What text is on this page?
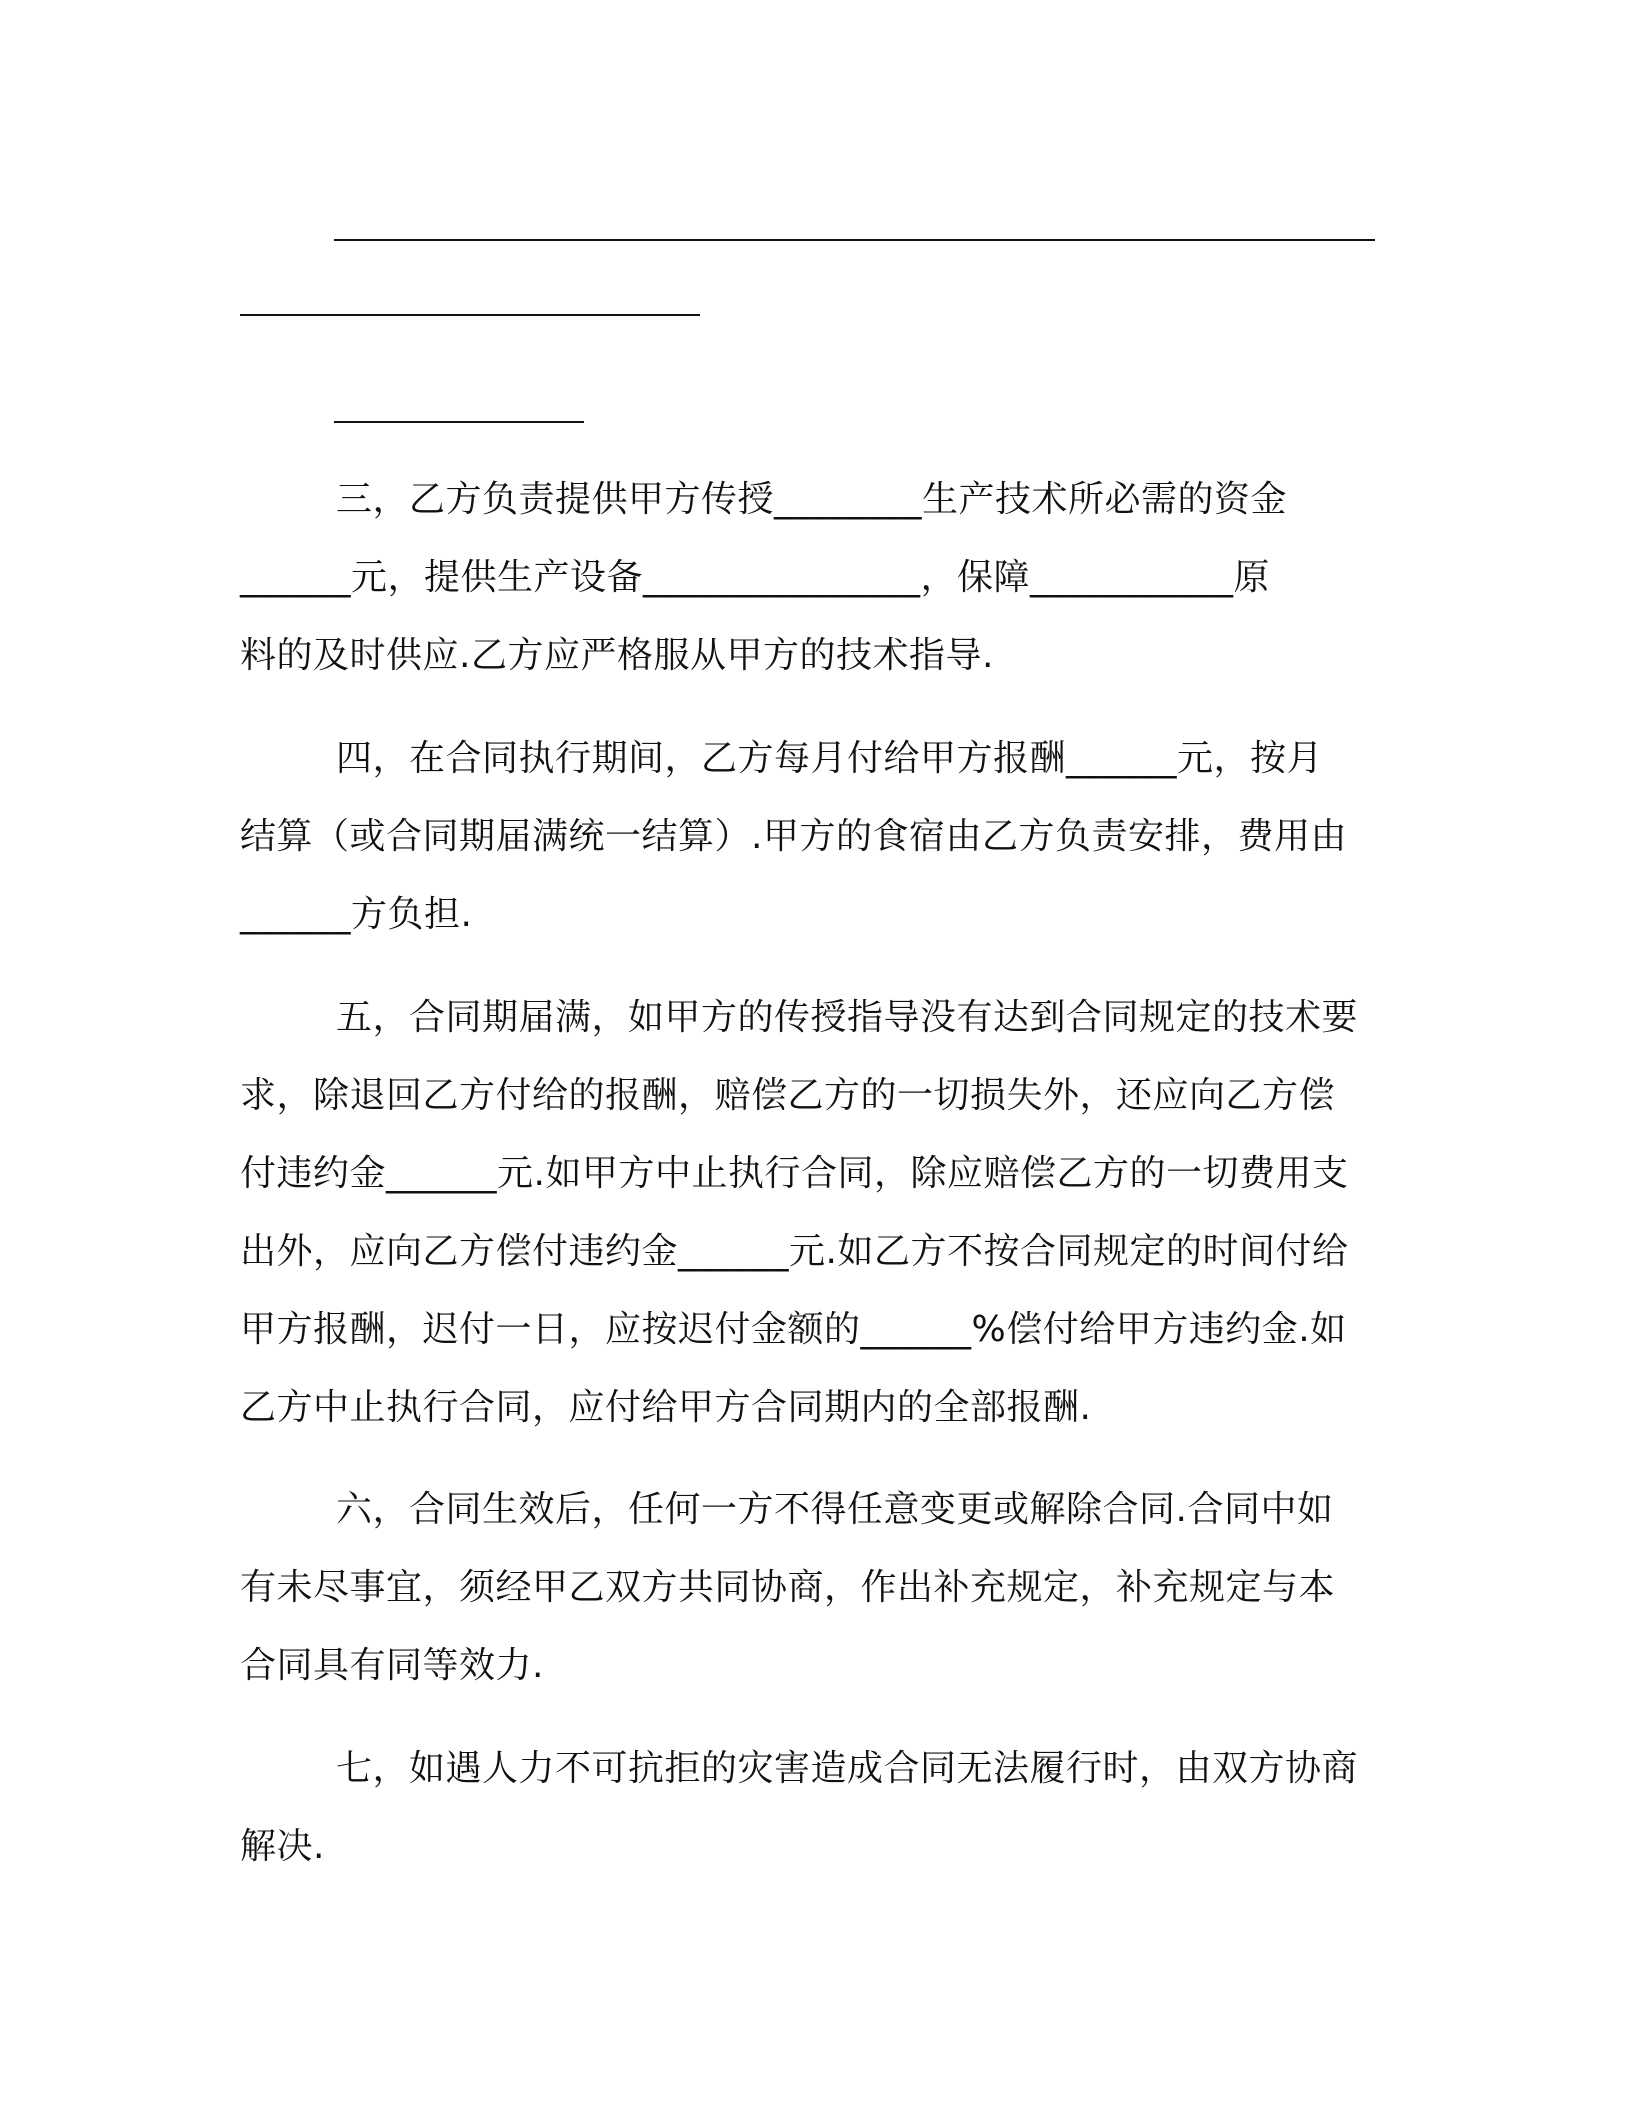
三，乙方负责提供甲方传授________生产技术所必需的资金
______元，提供生产设备_______________，保障___________原
料的及时供应.乙方应严格服从甲方的技术指导.
四，在合同执行期间，乙方每月付给甲方报酬______元，按月
结算（或合同期届满统一结算）.甲方的食宿由乙方负责安排，费用由
______方负担.
五，合同期届满，如甲方的传授指导没有达到合同规定的技术要
求，除退回乙方付给的报酬，赔偿乙方的一切损失外，还应向乙方偿
付违约金______元.如甲方中止执行合同，除应赔偿乙方的一切费用支
出外，应向乙方偿付违约金______元.如乙方不按合同规定的时间付给
甲方报酬，迟付一日，应按迟付金额的______%偿付给甲方违约金.如
乙方中止执行合同，应付给甲方合同期内的全部报酬.
六，合同生效后，任何一方不得任意变更或解除合同.合同中如
有未尽事宜，须经甲乙双方共同协商，作出补充规定，补充规定与本
合同具有同等效力.
七，如遇人力不可抗拒的灾害造成合同无法履行时，由双方协商
解决.
